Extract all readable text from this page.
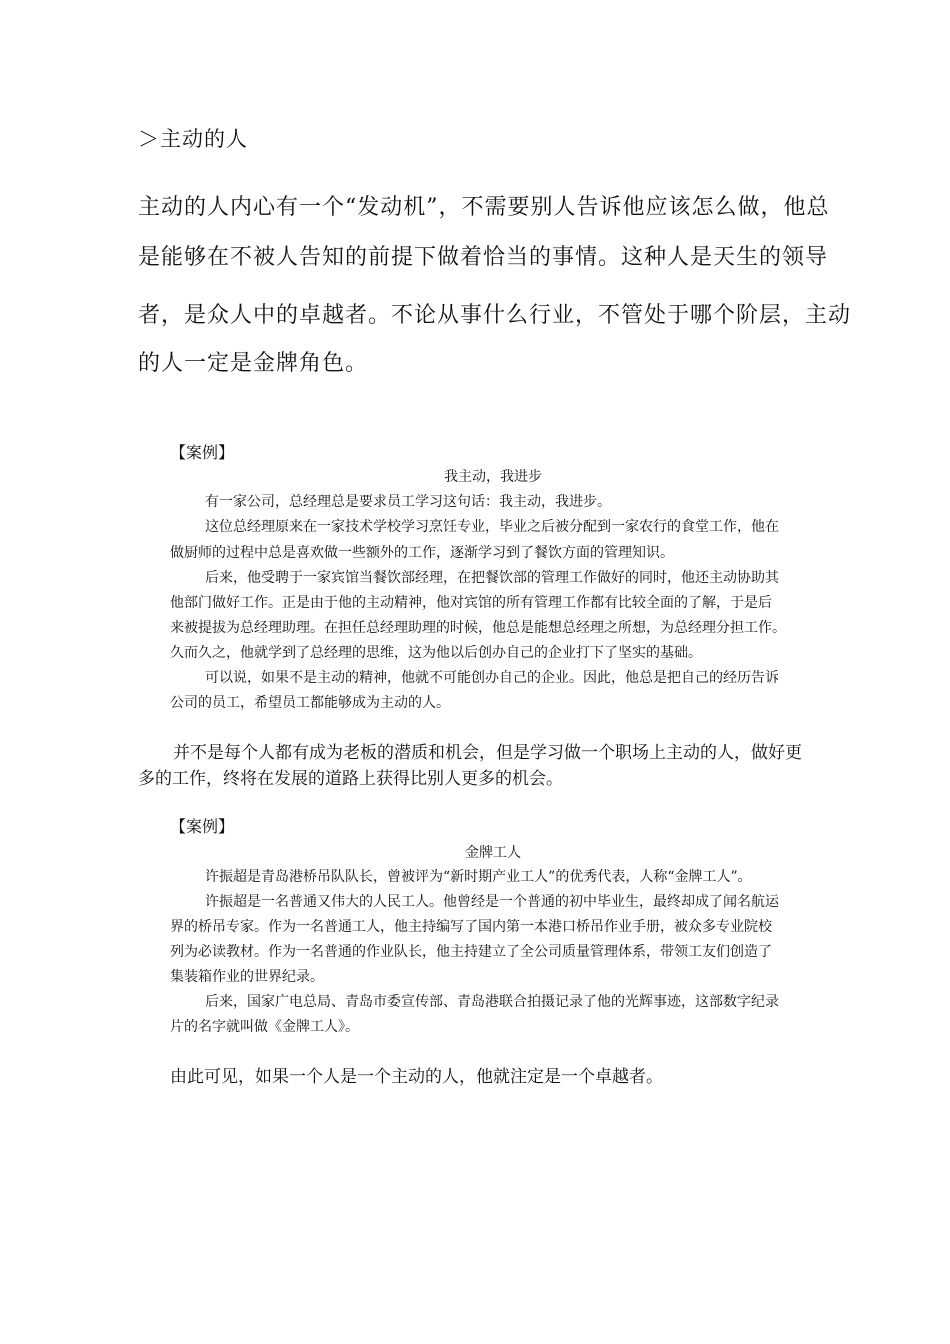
＞主动的人
主动的人内心有一个“发动机”，不需要别人告诉他应该怎么做，他总
是能够在不被人告知的前提下做着恰当的事情。这种人是天生的领导
者，是众人中的卓越者。不论从事什么行业，不管处于哪个阶层，主动
的人一定是金牌角色。
【案例】
我主动，我进步
有一家公司，总经理总是要求员工学习这句话：我主动，我进步。
这位总经理原来在一家技术学校学习烹饪专业，毕业之后被分配到一家农行的食堂工作，他在
做厨师的过程中总是喜欢做一些额外的工作，逐渐学习到了餐饮方面的管理知识。
后来，他受聘于一家宾馆当餐饮部经理，在把餐饮部的管理工作做好的同时，他还主动协助其
他部门做好工作。正是由于他的主动精神，他对宾馆的所有管理工作都有比较全面的了解，于是后
来被提拔为总经理助理。在担任总经理助理的时候，他总是能想总经理之所想，为总经理分担工作。
久而久之，他就学到了总经理的思维，这为他以后创办自己的企业打下了坚实的基础。
可以说，如果不是主动的精神，他就不可能创办自己的企业。因此，他总是把自己的经历告诉
公司的员工，希望员工都能够成为主动的人。
并不是每个人都有成为老板的潜质和机会，但是学习做一个职场上主动的人，做好更
多的工作，终将在发展的道路上获得比别人更多的机会。
【案例】
金牌工人
许振超是青岛港桥吊队队长，曾被评为“新时期产业工人”的优秀代表，人称“金牌工人”。
许振超是一名普通又伟大的人民工人。他曾经是一个普通的初中毕业生，最终却成了闻名航运
界的桥吊专家。作为一名普通工人，他主持编写了国内第一本港口桥吊作业手册，被众多专业院校
列为必读教材。作为一名普通的作业队长，他主持建立了全公司质量管理体系，带领工友们创造了
集装箱作业的世界纪录。
后来，国家广电总局、青岛市委宣传部、青岛港联合拍摄记录了他的光辉事迹，这部数字纪录
片的名字就叫做《金牌工人》。
由此可见，如果一个人是一个主动的人，他就注定是一个卓越者。
